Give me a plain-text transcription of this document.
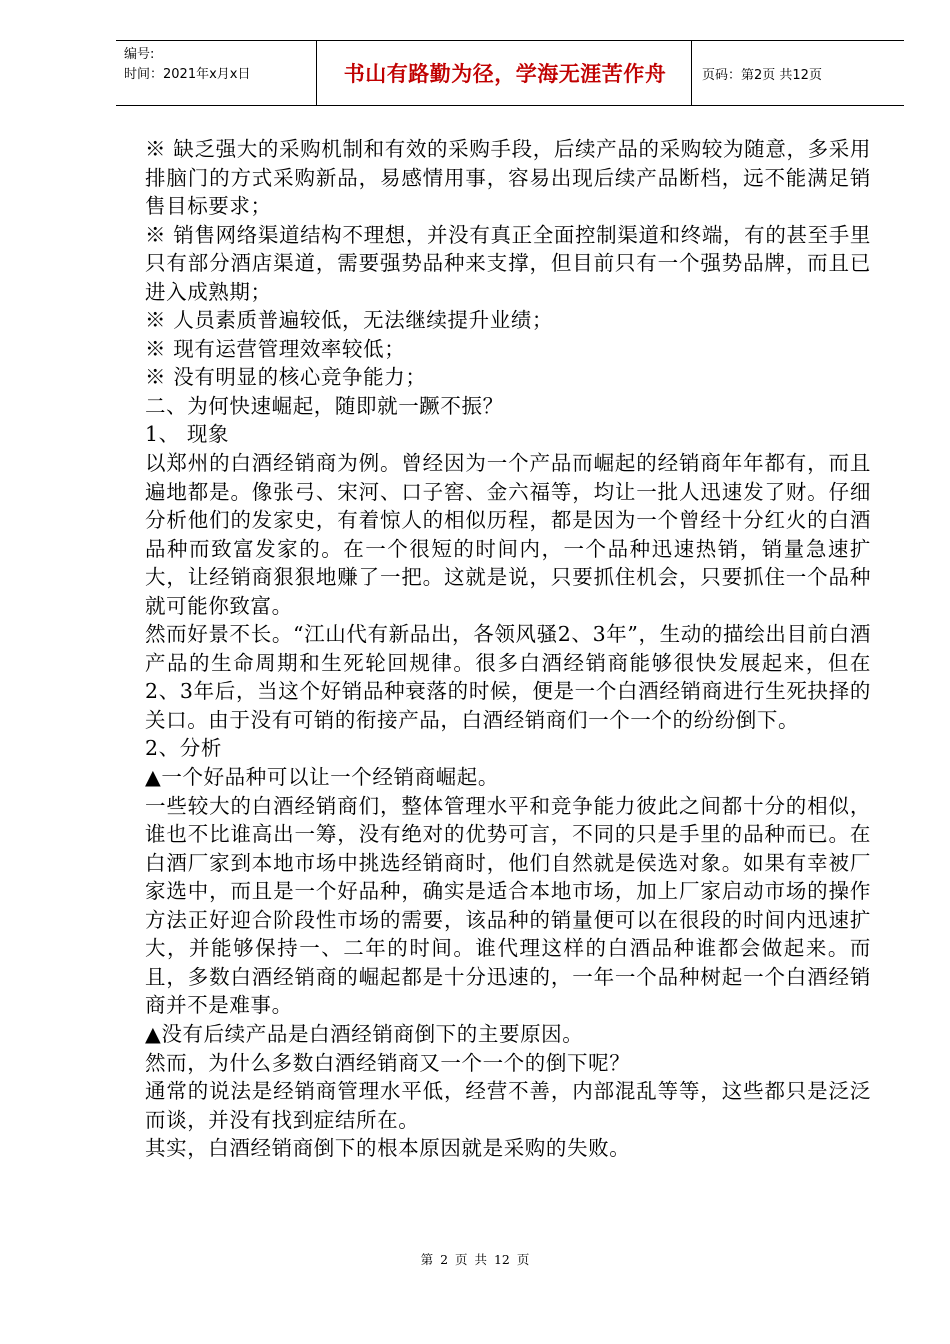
编号:
时间：2021年x月x日	书山有路勤为径，学海无涯苦作舟	页码：第2页 共12页

※ 缺乏强大的采购机制和有效的采购手段，后续产品的采购较为随意，多采用排脑门的方式采购新品，易感情用事，容易出现后续产品断档，远不能满足销售目标要求；

※ 销售网络渠道结构不理想，并没有真正全面控制渠道和终端，有的甚至手里只有部分酒店渠道，需要强势品种来支撑，但目前只有一个强势品牌，而且已进入成熟期；

※ 人员素质普遍较低，无法继续提升业绩；

※ 现有运营管理效率较低；

※ 没有明显的核心竞争能力；

二、为何快速崛起，随即就一蹶不振？

1、 现象

以郑州的白酒经销商为例。曾经因为一个产品而崛起的经销商年年都有，而且遍地都是。像张弓、宋河、口子窖、金六福等，均让一批人迅速发了财。仔细分析他们的发家史，有着惊人的相似历程，都是因为一个曾经十分红火的白酒品种而致富发家的。在一个很短的时间内，一个品种迅速热销，销量急速扩大，让经销商狠狠地赚了一把。这就是说，只要抓住机会，只要抓住一个品种就可能你致富。

然而好景不长。“江山代有新品出，各领风骚2、3年”，生动的描绘出目前白酒产品的生命周期和生死轮回规律。很多白酒经销商能够很快发展起来，但在2、3年后，当这个好销品种衰落的时候，便是一个白酒经销商进行生死抉择的关口。由于没有可销的衔接产品，白酒经销商们一个一个的纷纷倒下。

2、分析

▲一个好品种可以让一个经销商崛起。

一些较大的白酒经销商们，整体管理水平和竞争能力彼此之间都十分的相似，谁也不比谁高出一筹，没有绝对的优势可言，不同的只是手里的品种而已。在白酒厂家到本地市场中挑选经销商时，他们自然就是侯选对象。如果有幸被厂家选中，而且是一个好品种，确实是适合本地市场，加上厂家启动市场的操作方法正好迎合阶段性市场的需要，该品种的销量便可以在很段的时间内迅速扩大，并能够保持一、二年的时间。谁代理这样的白酒品种谁都会做起来。而且，多数白酒经销商的崛起都是十分迅速的，一年一个品种树起一个白酒经销商并不是难事。

▲没有后续产品是白酒经销商倒下的主要原因。

然而，为什么多数白酒经销商又一个一个的倒下呢？

通常的说法是经销商管理水平低，经营不善，内部混乱等等，这些都只是泛泛而谈，并没有找到症结所在。

其实，白酒经销商倒下的根本原因就是采购的失败。

第 2 页 共 12 页
